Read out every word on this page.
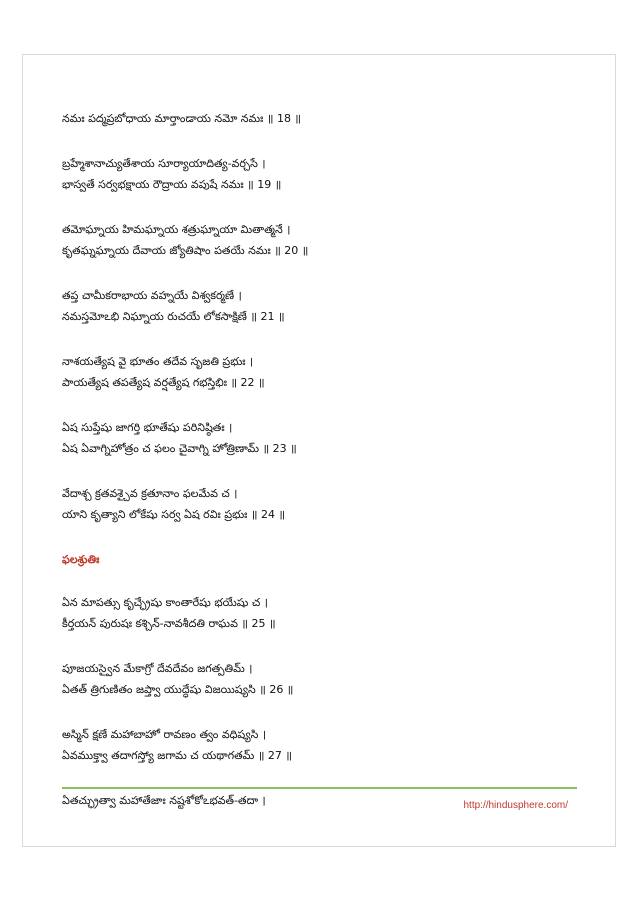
నమః పద్మప్రబోధాయ మార్తాండాయ నమో నమః ॥ 18 ॥
బ్రహ్మేశానాచ్యుతేశాయ సూర్యాయాదిత్య-వర్చసే ।
భాస్వతే సర్వభక్షాయ రౌద్రాయ వపుషే నమః ॥ 19 ॥
తమోఘ్నాయ హిమఘ్నాయ శత్రుఘ్నాయా మితాత్మనే ।
కృతఘ్నఘ్నాయ దేవాయ జ్యోతిషాం పతయే నమః ॥ 20 ॥
తప్త చామీకరాభాయ వహ్నయే విశ్వకర్మణే ।
నమస్తమోఽభి నిఘ్నాయ రుచయే లోకసాక్షిణే ॥ 21 ॥
నాశయత్యేష వై భూతం తదేవ సృజతి ప్రభుః ।
పాయత్యేష తపత్యేష వర్షత్యేష గభస్తిభిః ॥ 22 ॥
ఏష సుప్తేషు జాగర్తి భూతేషు పరినిష్ఠితః ।
ఏష ఏవాగ్నిహోత్రం చ ఫలం చైవాగ్ని హోత్రిణామ్ ॥ 23 ॥
వేదాశ్చ క్రతవశ్చైవ క్రతూనాం ఫలమేవ చ ।
యాని కృత్యాని లోకేషు సర్వ ఏష రవిః ప్రభుః ॥ 24 ॥
ఫలశ్రుతిః
ఏన మాపత్సు కృచ్ఛ్రేషు కాంతారేషు భయేషు చ ।
కీర్తయన్ పురుషః కశ్చిన్-నావశీదతి రాఘవ ॥ 25 ॥
పూజయస్వైన మేకాగ్రో దేవదేవం జగత్పతిమ్ ।
ఏతత్ త్రిగుణితం జప్త్వా యుద్ధేషు విజయిష్యసి ॥ 26 ॥
అస్మిన్ క్షణే మహాబాహో రావణం త్వం వధిష్యసి ।
ఏవముక్త్వా తదాగస్త్యో జగామ చ యథాగతమ్ ॥ 27 ॥
ఏతచ్ఛ్రుత్వా మహాతేజాః నష్టశోకోఽభవత్-తదా ।	http://hindusphere.com/
